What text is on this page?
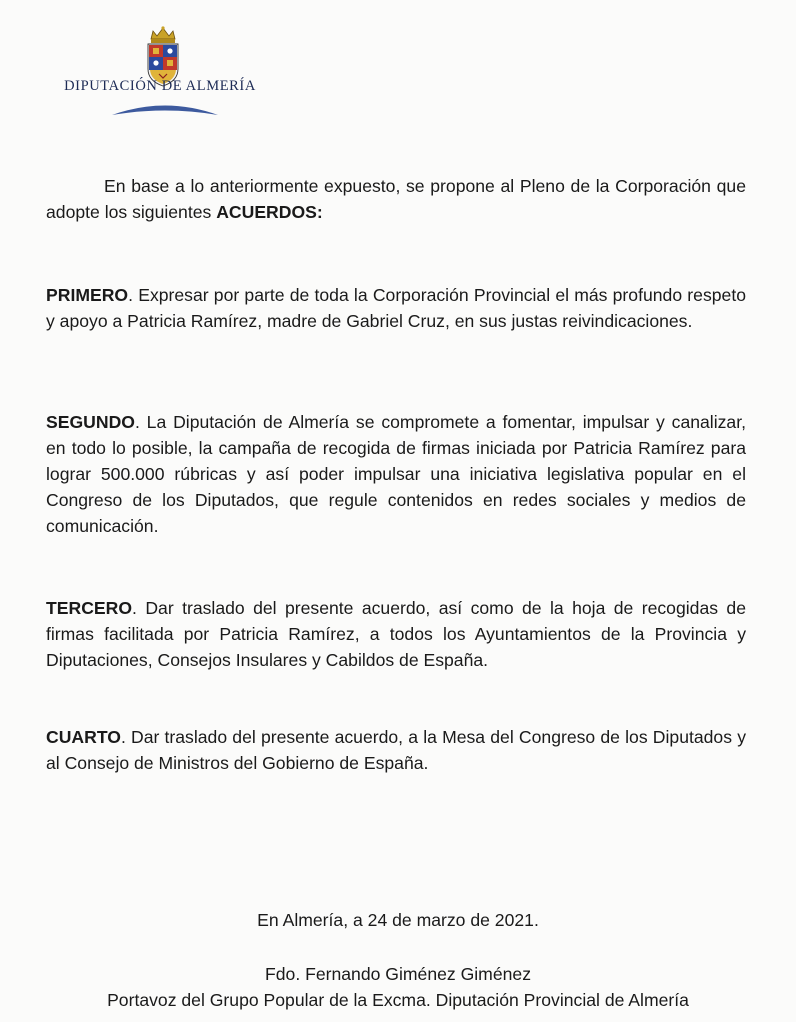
DIPUTACIÓN DE ALMERÍA

En base a lo anteriormente expuesto, se propone al Pleno de la Corporación que adopte los siguientes ACUERDOS:

PRIMERO. Expresar por parte de toda la Corporación Provincial el más profundo respeto y apoyo a Patricia Ramírez, madre de Gabriel Cruz, en sus justas reivindicaciones.

SEGUNDO. La Diputación de Almería se compromete a fomentar, impulsar y canalizar, en todo lo posible, la campaña de recogida de firmas iniciada por Patricia Ramírez para lograr 500.000 rúbricas y así poder impulsar una iniciativa legislativa popular en el Congreso de los Diputados, que regule contenidos en redes sociales y medios de comunicación.

TERCERO. Dar traslado del presente acuerdo, así como de la hoja de recogidas de firmas facilitada por Patricia Ramírez, a todos los Ayuntamientos de la Provincia y Diputaciones, Consejos Insulares y Cabildos de España.

CUARTO. Dar traslado del presente acuerdo, a la Mesa del Congreso de los Diputados y al Consejo de Ministros del Gobierno de España.

En Almería, a 24 de marzo de 2021.

Fdo. Fernando Giménez Giménez

Portavoz del Grupo Popular de la Excma. Diputación Provincial de Almería
